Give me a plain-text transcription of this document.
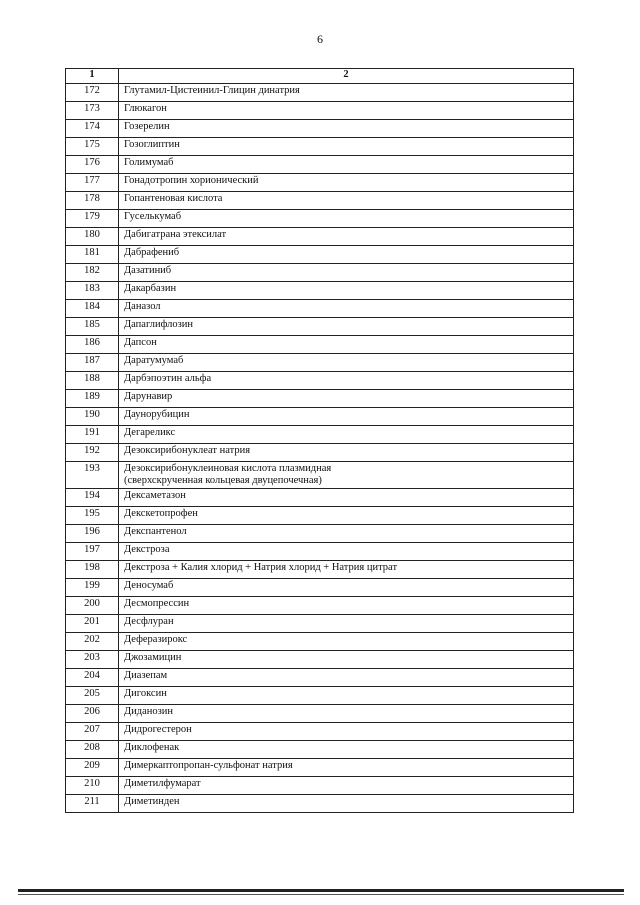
6
1	2
172	Глутамил-Цистеинил-Глицин динатрия

173	Глюкагон

174	Гозерелин

175	Гозоглиптин

176	Голимумаб

177	Гонадотропин хорионический

178	Гопантеновая кислота

179	Гуселькумаб

180	Дабигатрана этексилат

181	Дабрафениб

182	Дазатиниб

183	Дакарбазин

184	Даназол

185	Дапаглифлозин

186	Дапсон

187	Даратумумаб

188	Дарбэпоэтин альфа

189	Дарунавир

190	Даунорубицин

191	Дегареликс

192	Дезоксирибонуклеат натрия

193	Дезоксирибонуклеиновая кислота плазмидная
(сверхскрученная кольцевая двуцепочечная)

194	Дексаметазон

195	Декскетопрофен

196	Декспантенол

197	Декстроза

198	Декстроза + Калия хлорид + Натрия хлорид + Натрия цитрат

199	Деносумаб

200	Десмопрессин

201	Десфлуран

202	Деферазирокс

203	Джозамицин

204	Диазепам

205	Дигоксин

206	Диданозин

207	Дидрогестерон

208	Диклофенак

209	Димеркаптопропан-сульфонат натрия

210	Диметилфумарат

211	Диметинден
